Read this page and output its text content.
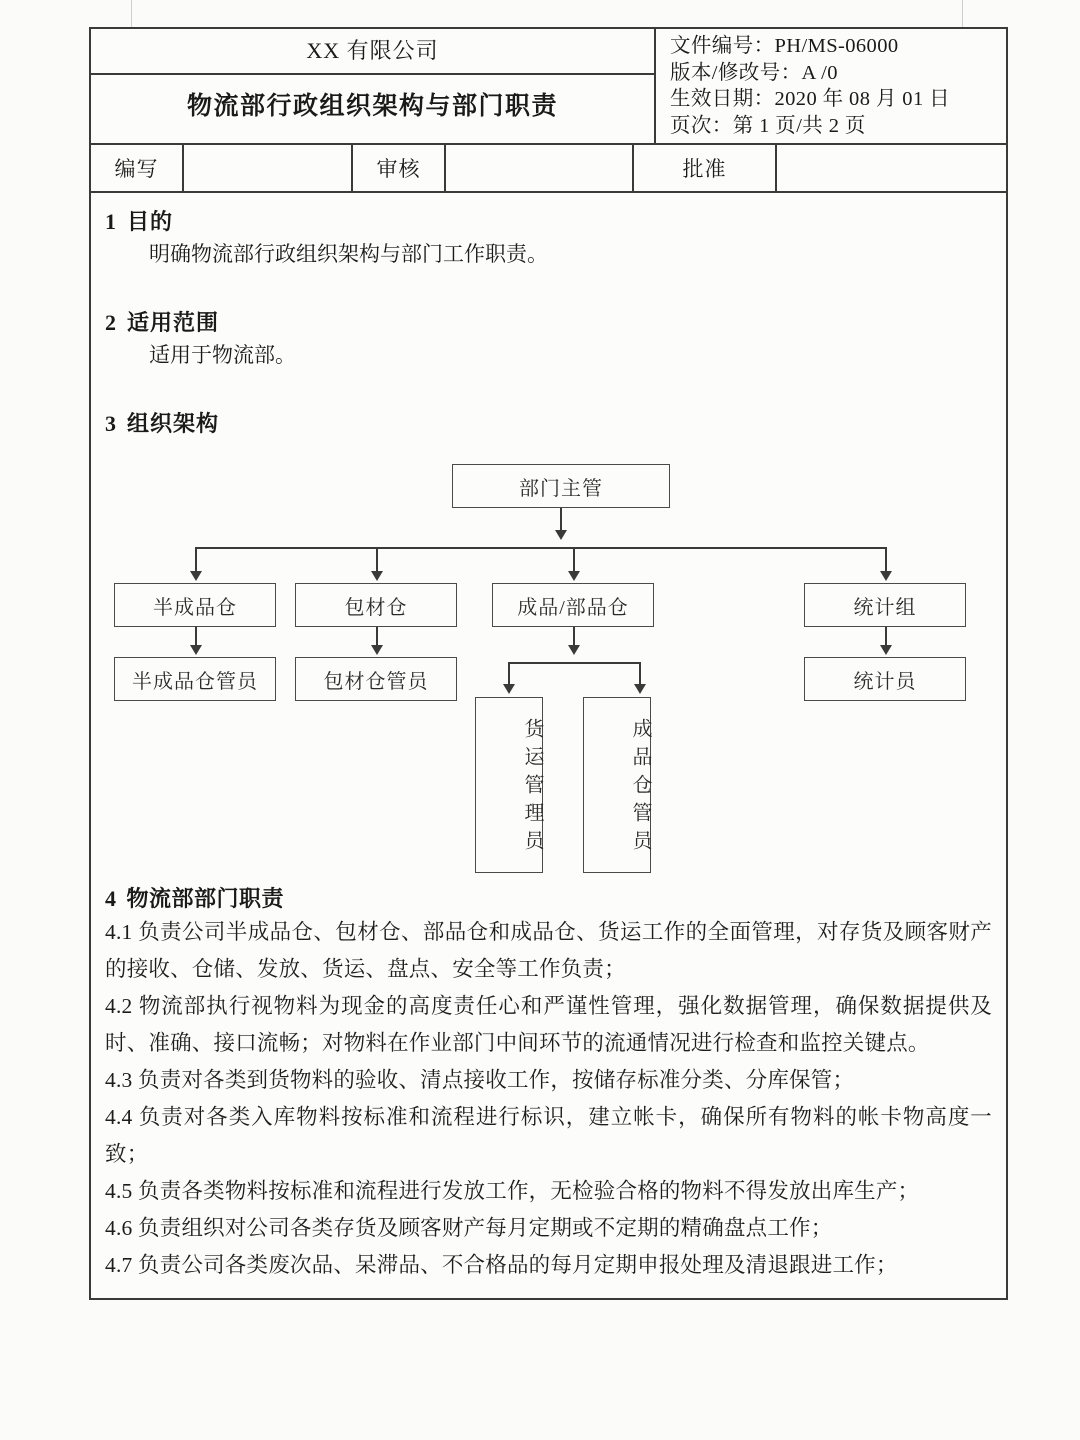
XX 有限公司
物流部行政组织架构与部门职责
文件编号：PH/MS-06000
版本/修改号：A /0
生效日期：2020 年 08 月 01 日
页次：第 1 页/共 2 页
编写	审核	批准
1 目的

明确物流部行政组织架构与部门工作职责。

2 适用范围

适用于物流部。

3 组织架构
部门主管
半成品仓	包材仓	成品/部品仓	统计组
半成品仓管员	包材仓管员	统计员
货运管理员	成品仓管员
4 物流部部门职责

4.1 负责公司半成品仓、包材仓、部品仓和成品仓、货运工作的全面管理，对存货及顾客财产的接收、仓储、发放、货运、盘点、安全等工作负责；

4.2 物流部执行视物料为现金的高度责任心和严谨性管理，强化数据管理，确保数据提供及时、准确、接口流畅；对物料在作业部门中间环节的流通情况进行检查和监控关键点。

4.3 负责对各类到货物料的验收、清点接收工作，按储存标准分类、分库保管；

4.4 负责对各类入库物料按标准和流程进行标识，建立帐卡，确保所有物料的帐卡物高度一致；

4.5 负责各类物料按标准和流程进行发放工作，无检验合格的物料不得发放出库生产；

4.6 负责组织对公司各类存货及顾客财产每月定期或不定期的精确盘点工作；

4.7 负责公司各类废次品、呆滞品、不合格品的每月定期申报处理及清退跟进工作；
